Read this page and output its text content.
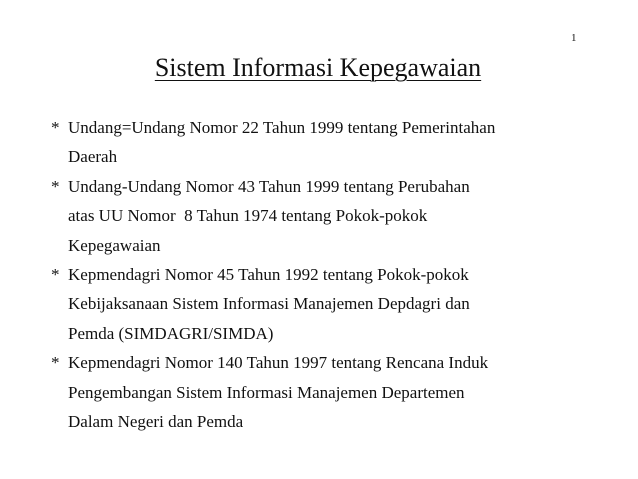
1
Sistem Informasi Kepegawaian
* Undang=Undang Nomor 22 Tahun 1999 tentang Pemerintahan
Daerah
* Undang-Undang Nomor 43 Tahun 1999 tentang Perubahan
atas UU Nomor  8 Tahun 1974 tentang Pokok-pokok
Kepegawaian
* Kepmendagri Nomor 45 Tahun 1992 tentang Pokok-pokok
Kebijaksanaan Sistem Informasi Manajemen Depdagri dan
Pemda (SIMDAGRI/SIMDA)
* Kepmendagri Nomor 140 Tahun 1997 tentang Rencana Induk
Pengembangan Sistem Informasi Manajemen Departemen
Dalam Negeri dan Pemda
